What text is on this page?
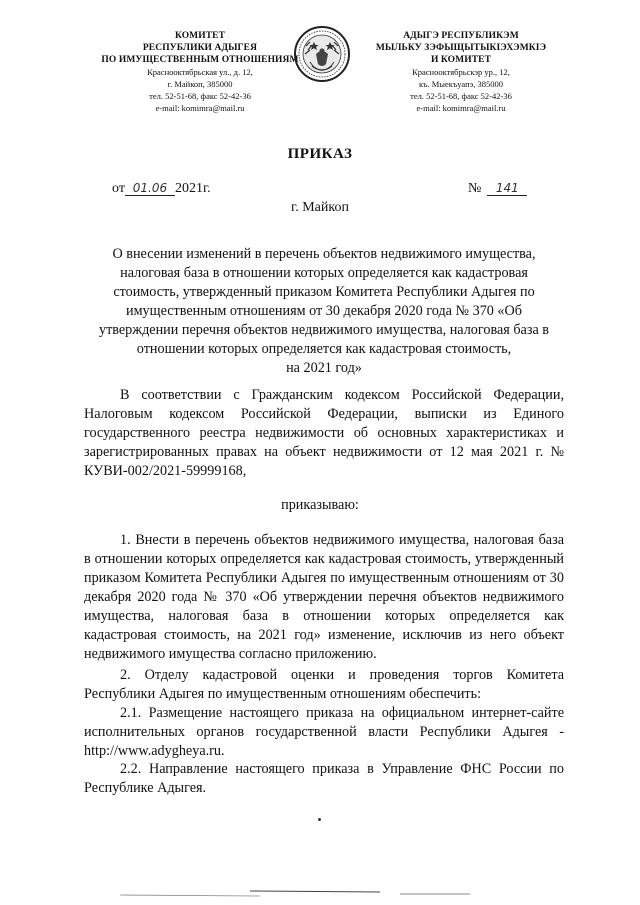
КОМИТЕТ
РЕСПУБЛИКИ АДЫГЕЯ
ПО ИМУЩЕСТВЕННЫМ ОТНОШЕНИЯМ
Краснооктябрьская ул., д. 12,
г. Майкоп, 385000
тел. 52-51-68, факс 52-42-36
e-mail: komimra@mail.ru
АДЫГЭ РЕСПУБЛИКЭМ
МЫЛЬКУ ЗЭФЫЩЫТЫКІЭХЭМКІЭ
И КОМИТЕТ
Краснооктябрьскэр ур., 12,
къ. Мыекъуапэ, 385000
тел. 52-51-68, факс 52-42-36
e-mail: komimra@mail.ru
ПРИКАЗ
от 01.06 2021г.	№ 141
г. Майкоп
О внесении изменений в перечень объектов недвижимого имущества,
налоговая база в отношении которых определяется как кадастровая
стоимость, утвержденный приказом Комитета Республики Адыгея по
имущественным отношениям от 30 декабря 2020 года № 370 «Об
утверждении перечня объектов недвижимого имущества, налоговая база в
отношении которых определяется как кадастровая стоимость,
на 2021 год»

В соответствии с Гражданским кодексом Российской Федерации, Налоговым кодексом Российской Федерации, выписки из Единого государственного реестра недвижимости об основных характеристиках и зарегистрированных правах на объект недвижимости от 12 мая 2021 г. № КУВИ-002/2021-59999168,

приказываю:

1. Внести в перечень объектов недвижимого имущества, налоговая база в отношении которых определяется как кадастровая стоимость, утвержденный приказом Комитета Республики Адыгея по имущественным отношениям от 30 декабря 2020 года № 370 «Об утверждении перечня объектов недвижимого имущества, налоговая база в отношении которых определяется как кадастровая стоимость, на 2021 год» изменение, исключив из него объект недвижимого имущества согласно приложению.

2. Отделу кадастровой оценки и проведения торгов Комитета Республики Адыгея по имущественным отношениям обеспечить:

2.1. Размещение настоящего приказа на официальном интернет-сайте исполнительных органов государственной власти Республики Адыгея - http://www.adygheya.ru.

2.2. Направление настоящего приказа в Управление ФНС России по Республике Адыгея.
